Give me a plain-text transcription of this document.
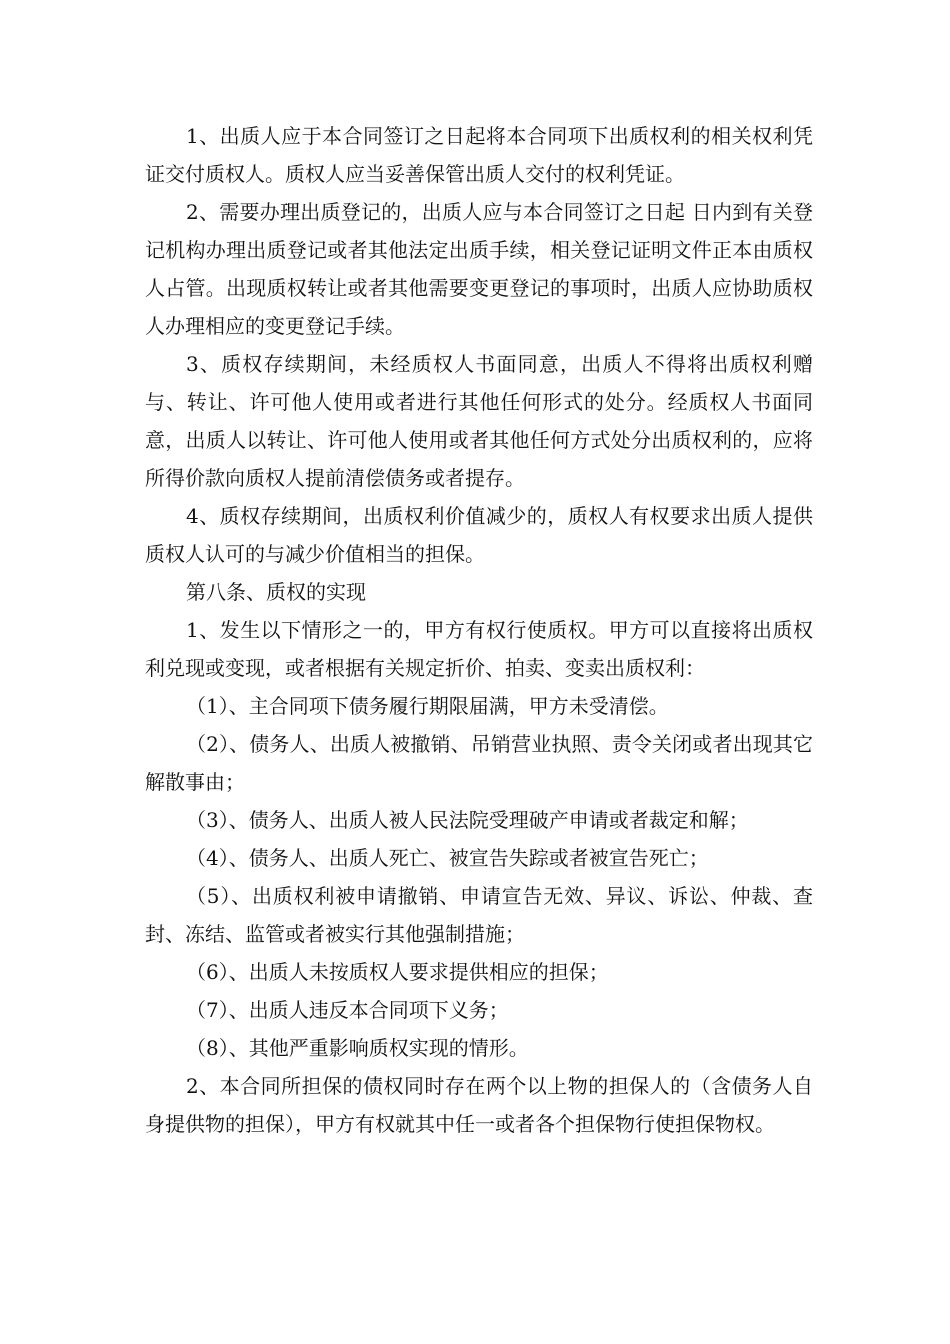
1、出质人应于本合同签订之日起将本合同项下出质权利的相关权利凭证交付质权人。质权人应当妥善保管出质人交付的权利凭证。

2、需要办理出质登记的，出质人应与本合同签订之日起 日内到有关登记机构办理出质登记或者其他法定出质手续，相关登记证明文件正本由质权人占管。出现质权转让或者其他需要变更登记的事项时，出质人应协助质权人办理相应的变更登记手续。

3、质权存续期间，未经质权人书面同意，出质人不得将出质权利赠与、转让、许可他人使用或者进行其他任何形式的处分。经质权人书面同意，出质人以转让、许可他人使用或者其他任何方式处分出质权利的，应将所得价款向质权人提前清偿债务或者提存。

4、质权存续期间，出质权利价值减少的，质权人有权要求出质人提供质权人认可的与减少价值相当的担保。

第八条、质权的实现

1、发生以下情形之一的，甲方有权行使质权。甲方可以直接将出质权利兑现或变现，或者根据有关规定折价、拍卖、变卖出质权利：

（1）、主合同项下债务履行期限届满，甲方未受清偿。

（2）、债务人、出质人被撤销、吊销营业执照、责令关闭或者出现其它解散事由；

（3）、债务人、出质人被人民法院受理破产申请或者裁定和解；

（4）、债务人、出质人死亡、被宣告失踪或者被宣告死亡；

（5）、出质权利被申请撤销、申请宣告无效、异议、诉讼、仲裁、查封、冻结、监管或者被实行其他强制措施；

（6）、出质人未按质权人要求提供相应的担保；

（7）、出质人违反本合同项下义务；

（8）、其他严重影响质权实现的情形。

2、本合同所担保的债权同时存在两个以上物的担保人的（含债务人自身提供物的担保），甲方有权就其中任一或者各个担保物行使担保物权。
